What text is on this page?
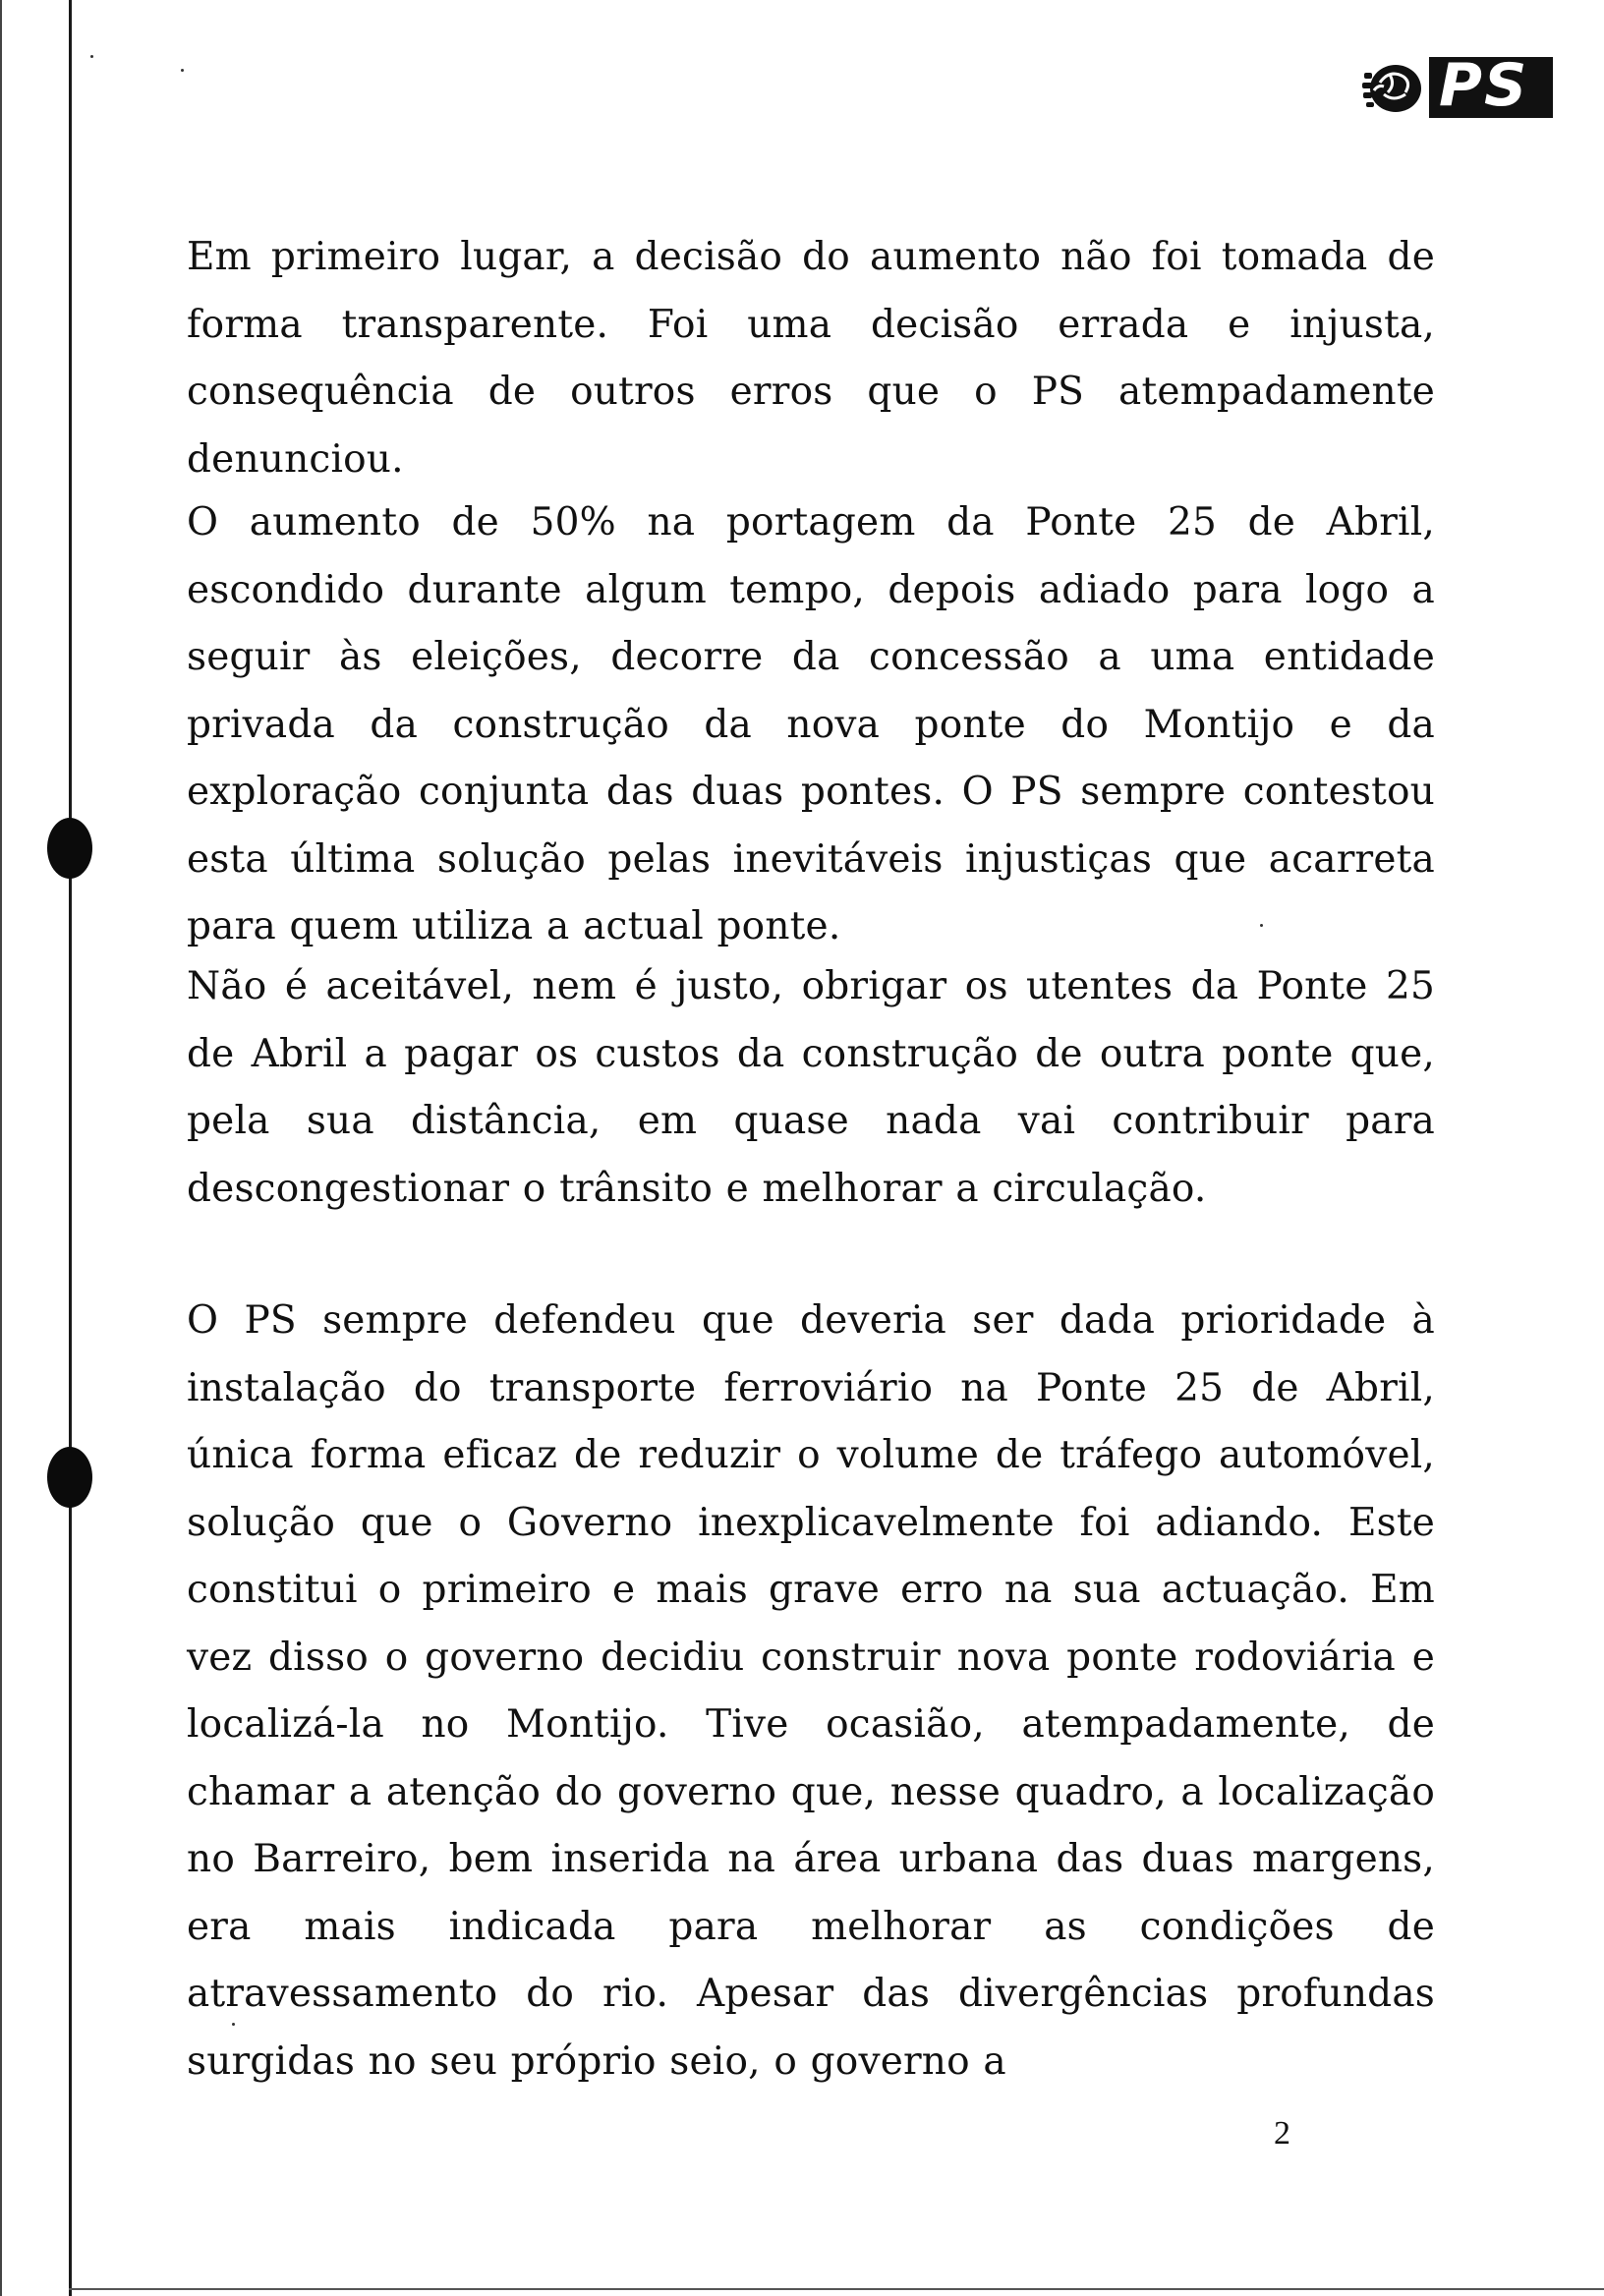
PS

Em primeiro lugar, a decisão do aumento não foi tomada de forma transparente. Foi uma decisão errada e injusta, consequência de outros erros que o PS atempadamente denunciou.

O aumento de 50% na portagem da Ponte 25 de Abril, escondido durante algum tempo, depois adiado para logo a seguir às eleições, decorre da concessão a uma entidade privada da construção da nova ponte do Montijo e da exploração conjunta das duas pontes. O PS sempre contestou esta última solução pelas inevitáveis injustiças que acarreta para quem utiliza a actual ponte.

Não é aceitável, nem é justo, obrigar os utentes da Ponte 25 de Abril a pagar os custos da construção de outra ponte que, pela sua distância, em quase nada vai contribuir para descongestionar o trânsito e melhorar a circulação.

O PS sempre defendeu que deveria ser dada prioridade à instalação do transporte ferroviário na Ponte 25 de Abril, única forma eficaz de reduzir o volume de tráfego automóvel, solução que o Governo inexplicavelmente foi adiando. Este constitui o primeiro e mais grave erro na sua actuação. Em vez disso o governo decidiu construir nova ponte rodoviária e localizá-la no Montijo. Tive ocasião, atempadamente, de chamar a atenção do governo que, nesse quadro, a localização no Barreiro, bem inserida na área urbana das duas margens, era mais indicada para melhorar as condições de atravessamento do rio. Apesar das divergências profundas surgidas no seu próprio seio, o governo a

2
